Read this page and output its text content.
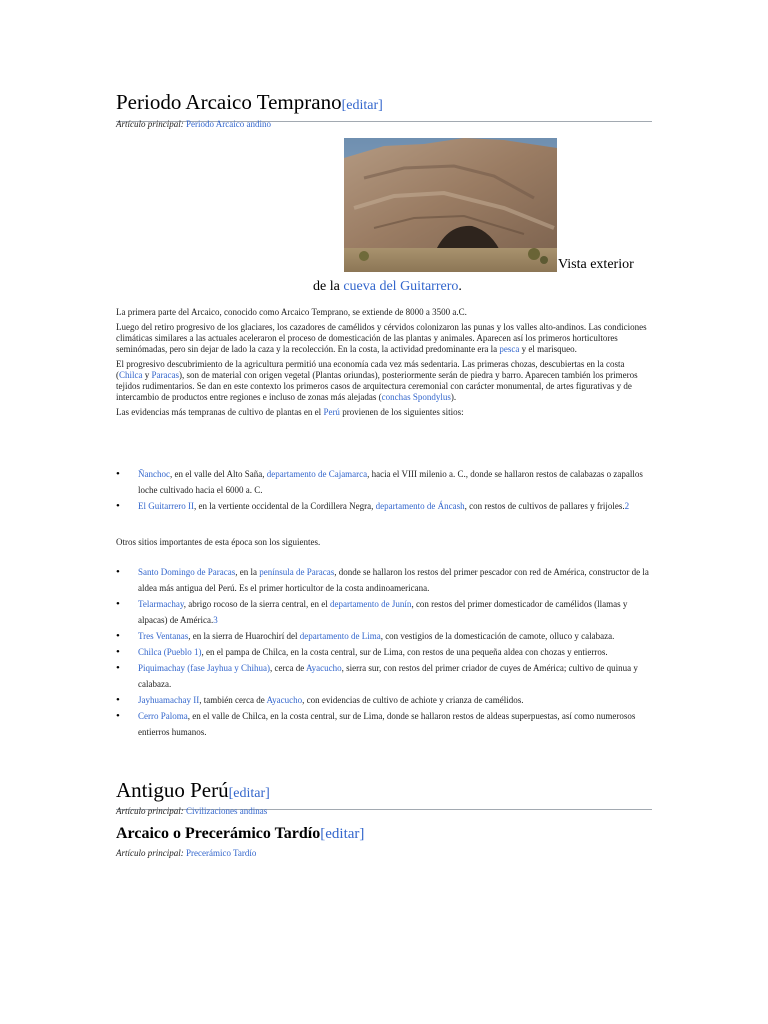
Periodo Arcaico Temprano[editar]
Artículo principal: Periodo Arcaico andino
Vista exterior
de la cueva del Guitarrero.

La primera parte del Arcaico, conocido como Arcaico Temprano, se extiende de 8000 a 3500 a.C.

Luego del retiro progresivo de los glaciares, los cazadores de camélidos y cérvidos colonizaron las punas y los valles alto-andinos. Las condiciones climáticas similares a las actuales aceleraron el proceso de domesticación de las plantas y animales. Aparecen así los primeros horticultores seminómadas, pero sin dejar de lado la caza y la recolección. En la costa, la actividad predominante era la pesca y el marisqueo.

El progresivo descubrimiento de la agricultura permitió una economía cada vez más sedentaria. Las primeras chozas, descubiertas en la costa (Chilca y Paracas), son de material con origen vegetal (Plantas oriundas), posteriormente serán de piedra y barro. Aparecen también los primeros tejidos rudimentarios. Se dan en este contexto los primeros casos de arquitectura ceremonial con carácter monumental, de artes figurativas y de intercambio de productos entre regiones e incluso de zonas más alejadas (conchas Spondylus).

Las evidencias más tempranas de cultivo de plantas en el Perú provienen de los siguientes sitios:

• Ñanchoc, en el valle del Alto Saña, departamento de Cajamarca, hacia el VIII milenio a. C., donde se hallaron restos de calabazas o zapallos loche cultivado hacia el 6000 a. C.
• El Guitarrero II, en la vertiente occidental de la Cordillera Negra, departamento de Áncash, con restos de cultivos de pallares y frijoles.2
Otros sitios importantes de esta época son los siguientes.
• Santo Domingo de Paracas, en la península de Paracas, donde se hallaron los restos del primer pescador con red de América, constructor de la aldea más antigua del Perú. Es el primer horticultor de la costa andinoamericana.
• Telarmachay, abrigo rocoso de la sierra central, en el departamento de Junín, con restos del primer domesticador de camélidos (llamas y alpacas) de América.3
• Tres Ventanas, en la sierra de Huarochirí del departamento de Lima, con vestigios de la domesticación de camote, olluco y calabaza.
• Chilca (Pueblo 1), en el pampa de Chilca, en la costa central, sur de Lima, con restos de una pequeña aldea con chozas y entierros.
• Piquimachay (fase Jayhua y Chihua), cerca de Ayacucho, sierra sur, con restos del primer criador de cuyes de América; cultivo de quinua y calabaza.
• Jayhuamachay II, también cerca de Ayacucho, con evidencias de cultivo de achiote y crianza de camélidos.
• Cerro Paloma, en el valle de Chilca, en la costa central, sur de Lima, donde se hallaron restos de aldeas superpuestas, así como numerosos entierros humanos.
Antiguo Perú[editar]
Artículo principal: Civilizaciones andinas
Arcaico o Precerámico Tardío[editar]
Artículo principal: Precerámico Tardío
